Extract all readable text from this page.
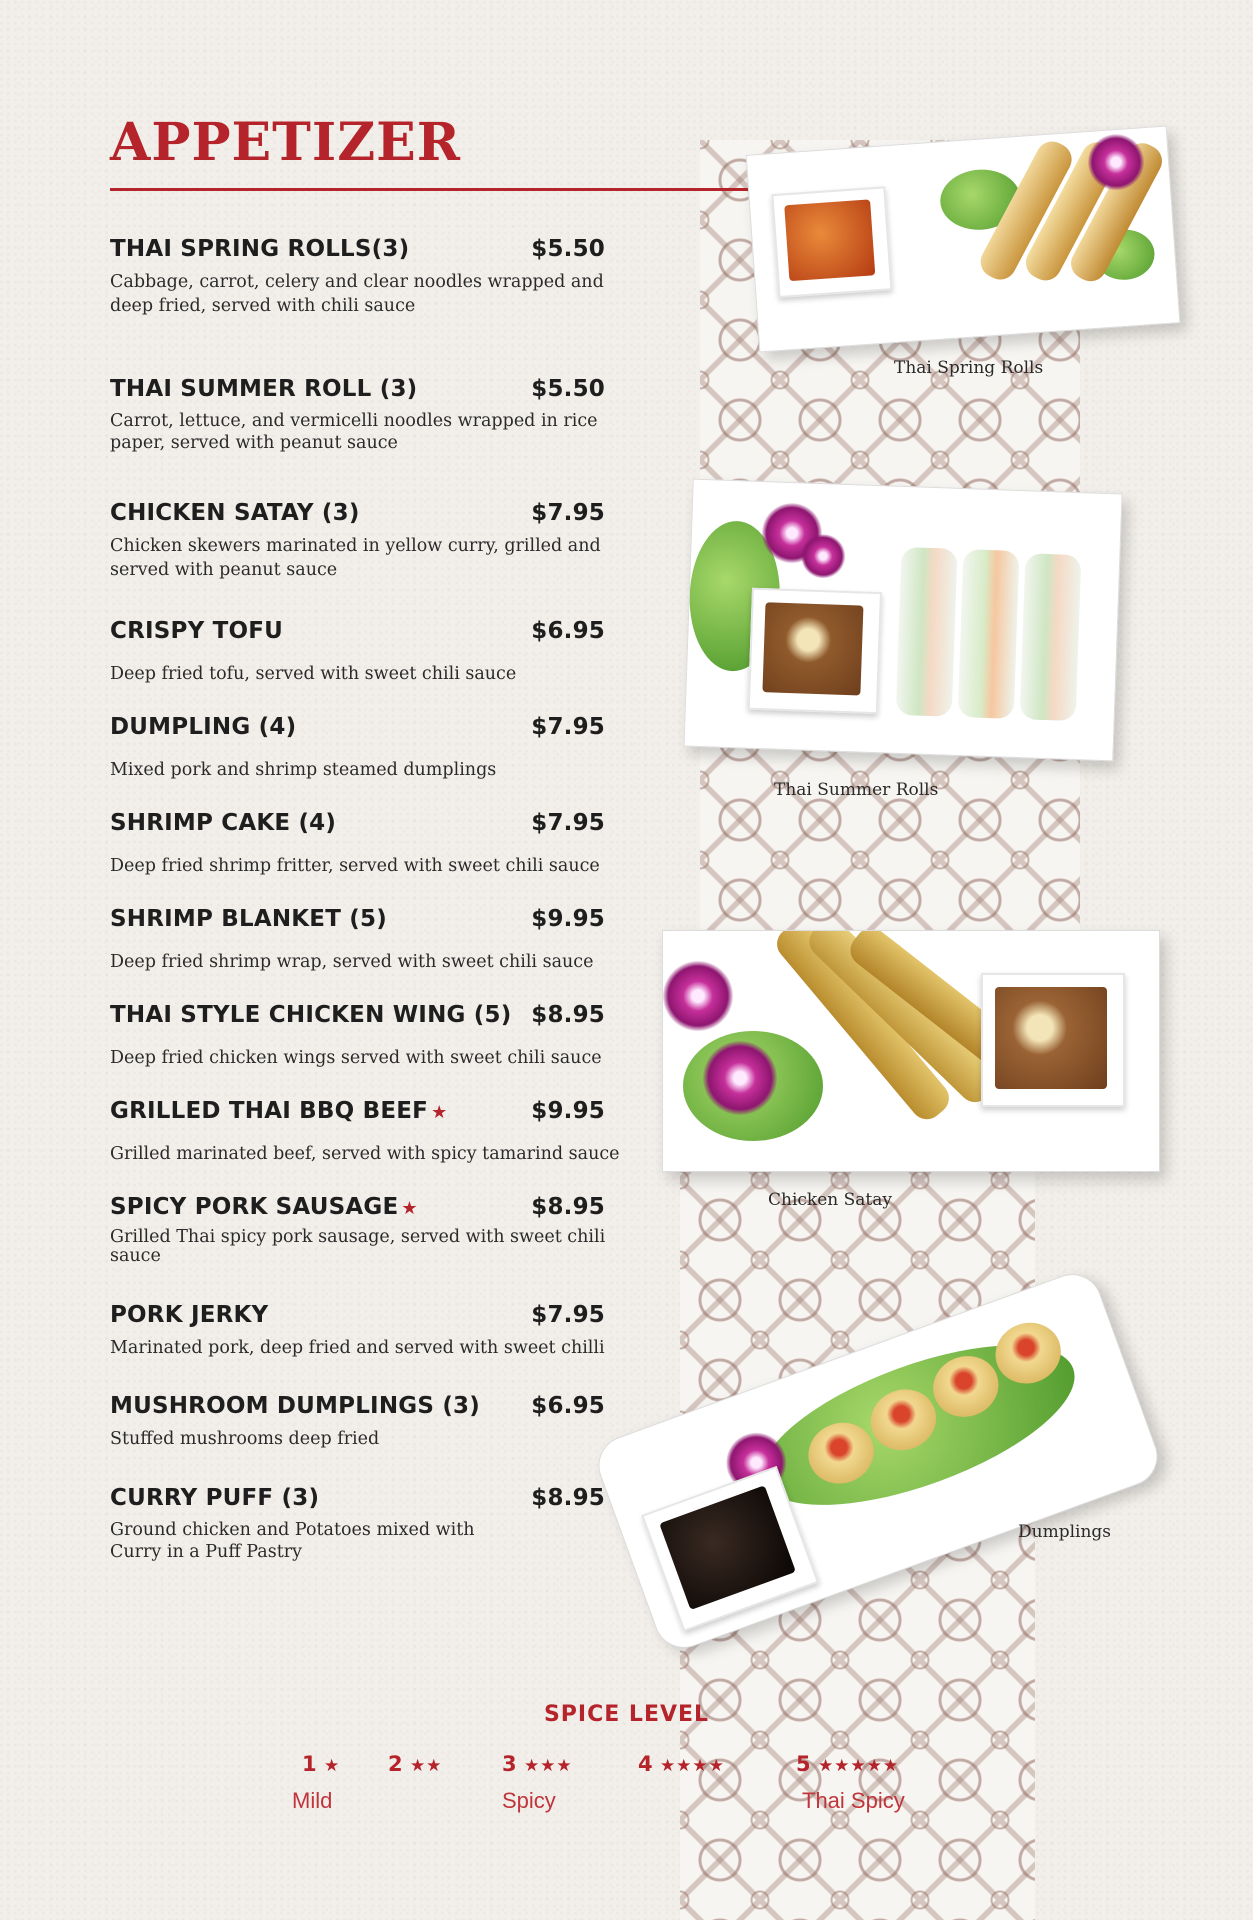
APPETIZER
THAI SPRING ROLLS(3)	$5.50
Cabbage, carrot, celery and clear noodles wrapped and deep fried, served with chili sauce
THAI SUMMER ROLL (3)	$5.50
Carrot, lettuce, and vermicelli noodles wrapped in rice paper, served with peanut sauce
CHICKEN SATAY (3)	$7.95
Chicken skewers marinated in yellow curry, grilled and served with peanut sauce
CRISPY TOFU	$6.95
Deep fried tofu, served with sweet chili sauce
DUMPLING (4)	$7.95
Mixed pork and shrimp steamed dumplings
SHRIMP CAKE (4)	$7.95
Deep fried shrimp fritter, served with sweet chili sauce
SHRIMP BLANKET (5)	$9.95
Deep fried shrimp wrap, served with sweet chili sauce
THAI STYLE CHICKEN WING (5) $8.95
Deep fried chicken wings served with sweet chili sauce
GRILLED THAI BBQ BEEF ★	$9.95
Grilled marinated beef, served with spicy tamarind sauce
SPICY PORK SAUSAGE ★	$8.95
Grilled Thai spicy pork sausage, served with sweet chili sauce
PORK JERKY	$7.95
Marinated pork, deep fried and served with sweet chilli
MUSHROOM DUMPLINGS (3) $6.95
Stuffed mushrooms deep fried
CURRY PUFF (3)	$8.95
Ground chicken and Potatoes mixed with Curry in a Puff Pastry
Thai Spring Rolls
Thai Summer Rolls
Chicken Satay
Dumplings
SPICE LEVEL
1 ★ 2 ★★	3 ★★★	4 ★★★★	5 ★★★★★
Mild	Spicy	Thai Spicy
